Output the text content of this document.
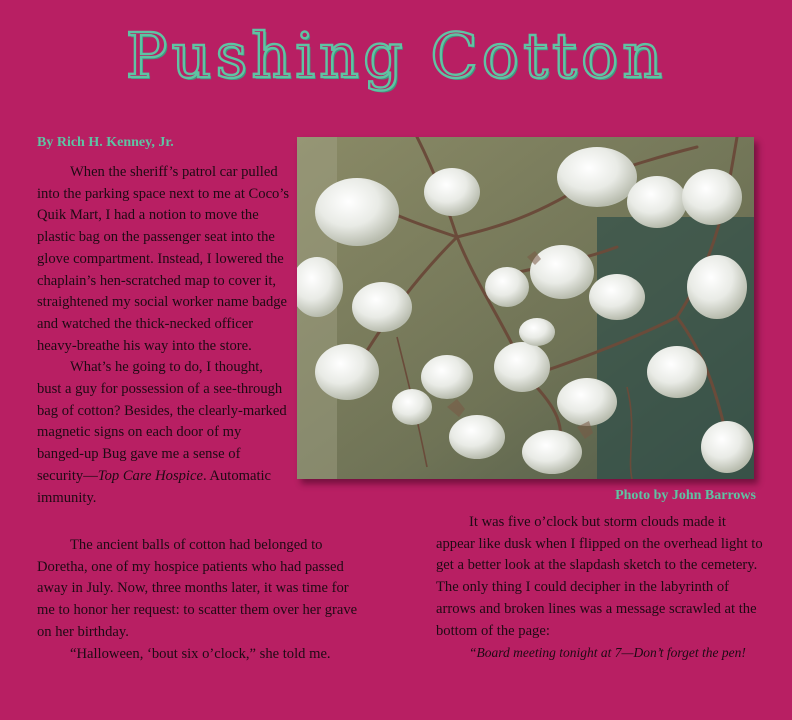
Pushing Cotton
By Rich H. Kenney, Jr.

When the sheriff’s patrol car pulled into the parking space next to me at Coco’s Quik Mart, I had a notion to move the plastic bag on the passenger seat into the glove compartment. Instead, I lowered the chaplain’s hen-scratched map to cover it, straightened my social worker name badge and watched the thick-necked officer heavy-breathe his way into the store.

What’s he going to do, I thought, bust a guy for possession of a see-through bag of cotton? Besides, the clearly-marked magnetic signs on each door of my banged-up Bug gave me a sense of security—Top Care Hospice. Automatic immunity.

The ancient balls of cotton had belonged to Doretha, one of my hospice patients who had passed away in July. Now, three months later, it was time for me to honor her request: to scatter them over her grave on her birthday.

“Halloween, ‘bout six o’clock,” she told me.

Photo by John Barrows

It was five o’clock but storm clouds made it appear like dusk when I flipped on the overhead light to get a better look at the slapdash sketch to the cemetery. The only thing I could decipher in the labyrinth of arrows and broken lines was a message scrawled at the bottom of the page:

“Board meeting tonight at 7—Don’t forget the pen!
